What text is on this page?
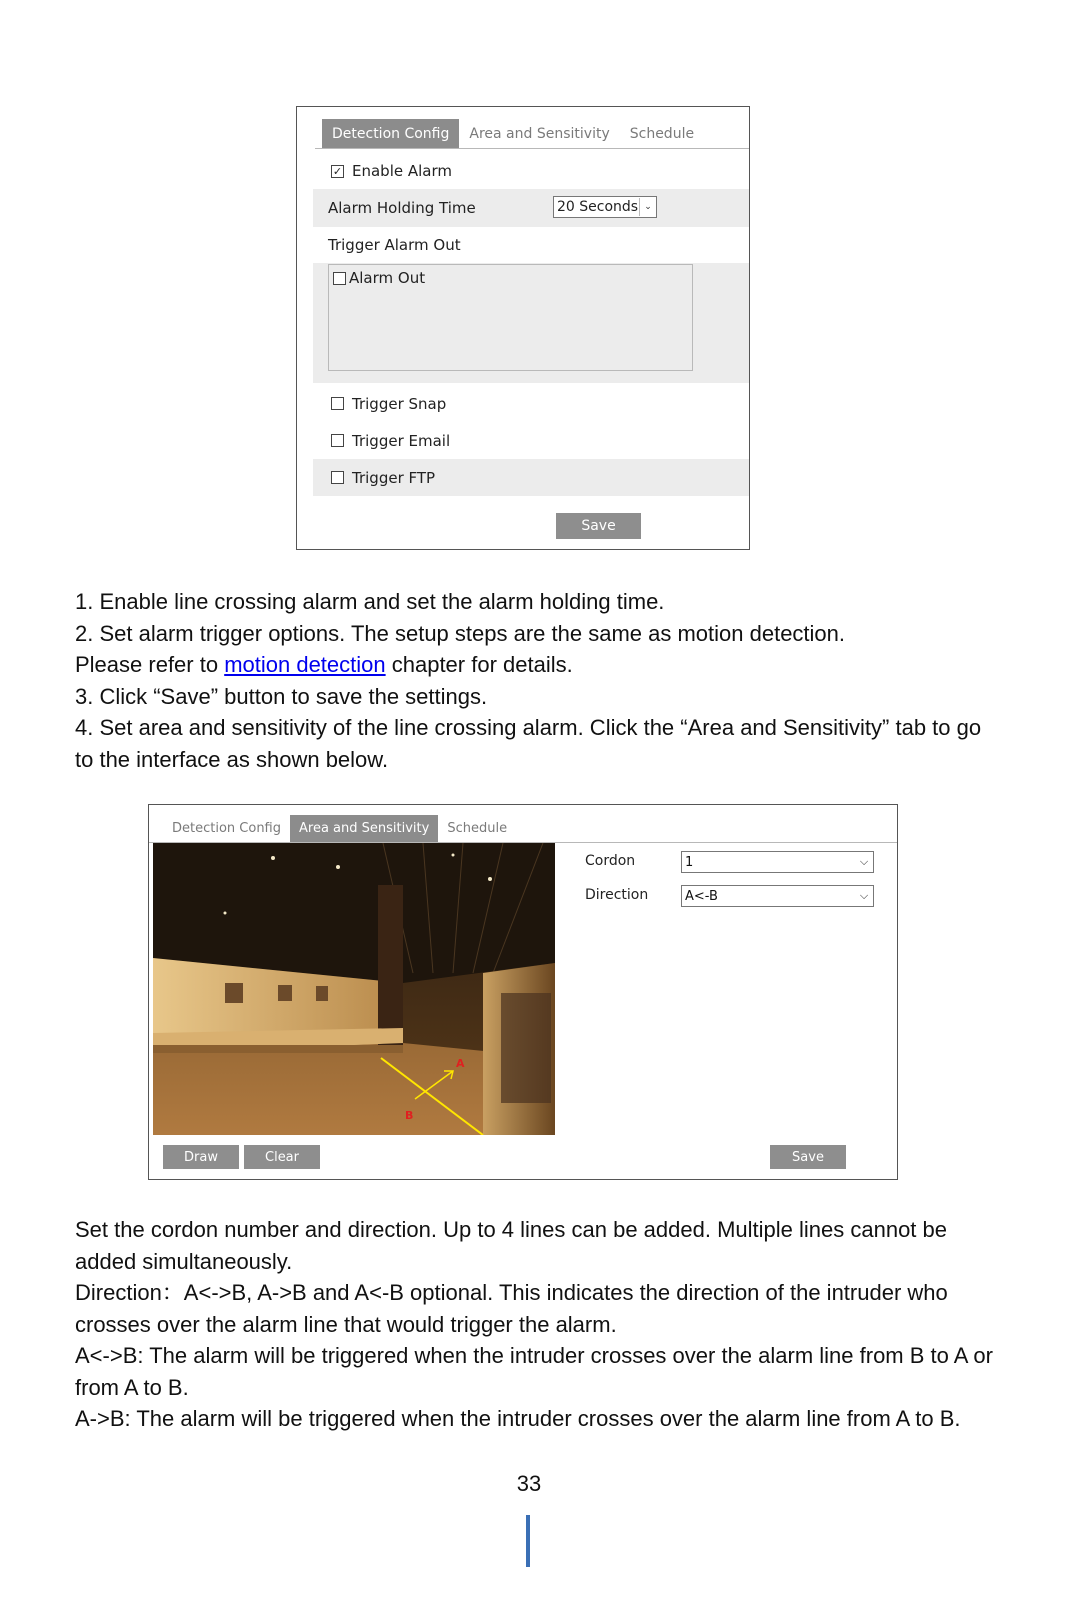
Detection Config	Area and Sensitivity	Schedule
✓ Enable Alarm
Alarm Holding Time	20 Seconds ⌄
Trigger Alarm Out
Alarm Out
Trigger Snap
Trigger Email
Trigger FTP
Save

1. Enable line crossing alarm and set the alarm holding time.

2. Set alarm trigger options. The setup steps are the same as motion detection.

Please refer to motion detection chapter for details.

3. Click “Save” button to save the settings.

4. Set area and sensitivity of the line crossing alarm. Click the “Area and Sensitivity” tab to go to the interface as shown below.

Detection Config	Area and Sensitivity	Schedule
A
B
Cordon	1	⌵
Direction	A<-B	⌵
Draw	Clear	Save

Set the cordon number and direction. Up to 4 lines can be added. Multiple lines cannot be added simultaneously.

Direction：A<->B, A->B and A<-B optional. This indicates the direction of the intruder who crosses over the alarm line that would trigger the alarm.

A<->B: The alarm will be triggered when the intruder crosses over the alarm line from B to A or from A to B.

A->B: The alarm will be triggered when the intruder crosses over the alarm line from A to B.

33
